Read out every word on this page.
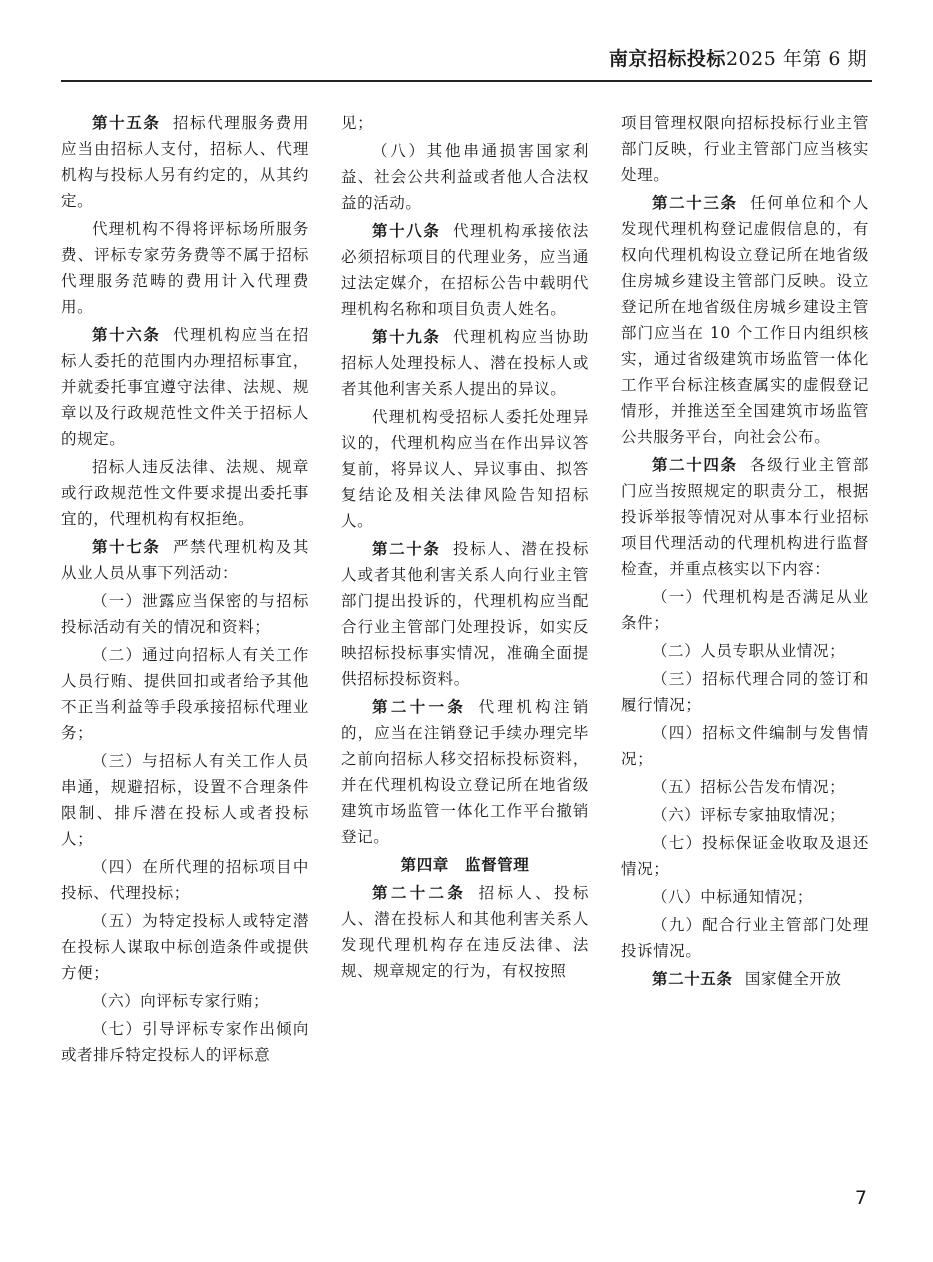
南京招标投标2025 年第 6 期

第十五条 招标代理服务费用应当由招标人支付，招标人、代理机构与投标人另有约定的，从其约定。

代理机构不得将评标场所服务费、评标专家劳务费等不属于招标代理服务范畴的费用计入代理费用。

第十六条 代理机构应当在招标人委托的范围内办理招标事宜，并就委托事宜遵守法律、法规、规章以及行政规范性文件关于招标人的规定。

招标人违反法律、法规、规章或行政规范性文件要求提出委托事宜的，代理机构有权拒绝。

第十七条 严禁代理机构及其从业人员从事下列活动：

（一）泄露应当保密的与招标投标活动有关的情况和资料；

（二）通过向招标人有关工作人员行贿、提供回扣或者给予其他不正当利益等手段承接招标代理业务；

（三）与招标人有关工作人员串通，规避招标，设置不合理条件限制、排斥潜在投标人或者投标人；

（四）在所代理的招标项目中投标、代理投标；

（五）为特定投标人或特定潜在投标人谋取中标创造条件或提供方便；

（六）向评标专家行贿；

（七）引导评标专家作出倾向或者排斥特定投标人的评标意

见；

（八）其他串通损害国家利益、社会公共利益或者他人合法权益的活动。

第十八条 代理机构承接依法必须招标项目的代理业务，应当通过法定媒介，在招标公告中载明代理机构名称和项目负责人姓名。

第十九条 代理机构应当协助招标人处理投标人、潜在投标人或者其他利害关系人提出的异议。

代理机构受招标人委托处理异议的，代理机构应当在作出异议答复前，将异议人、异议事由、拟答复结论及相关法律风险告知招标人。

第二十条 投标人、潜在投标人或者其他利害关系人向行业主管部门提出投诉的，代理机构应当配合行业主管部门处理投诉，如实反映招标投标事实情况，准确全面提供招标投标资料。

第二十一条 代理机构注销的，应当在注销登记手续办理完毕之前向招标人移交招标投标资料，并在代理机构设立登记所在地省级建筑市场监管一体化工作平台撤销登记。

第四章　监督管理

第二十二条 招标人、投标人、潜在投标人和其他利害关系人发现代理机构存在违反法律、法规、规章规定的行为，有权按照

项目管理权限向招标投标行业主管部门反映，行业主管部门应当核实处理。

第二十三条 任何单位和个人发现代理机构登记虚假信息的，有权向代理机构设立登记所在地省级住房城乡建设主管部门反映。设立登记所在地省级住房城乡建设主管部门应当在 10 个工作日内组织核实，通过省级建筑市场监管一体化工作平台标注核查属实的虚假登记情形，并推送至全国建筑市场监管公共服务平台，向社会公布。

第二十四条 各级行业主管部门应当按照规定的职责分工，根据投诉举报等情况对从事本行业招标项目代理活动的代理机构进行监督检查，并重点核实以下内容：

（一）代理机构是否满足从业条件；

（二）人员专职从业情况；

（三）招标代理合同的签订和履行情况；

（四）招标文件编制与发售情况；

（五）招标公告发布情况；

（六）评标专家抽取情况；

（七）投标保证金收取及退还情况；

（八）中标通知情况；

（九）配合行业主管部门处理投诉情况。

第二十五条 国家健全开放

7
